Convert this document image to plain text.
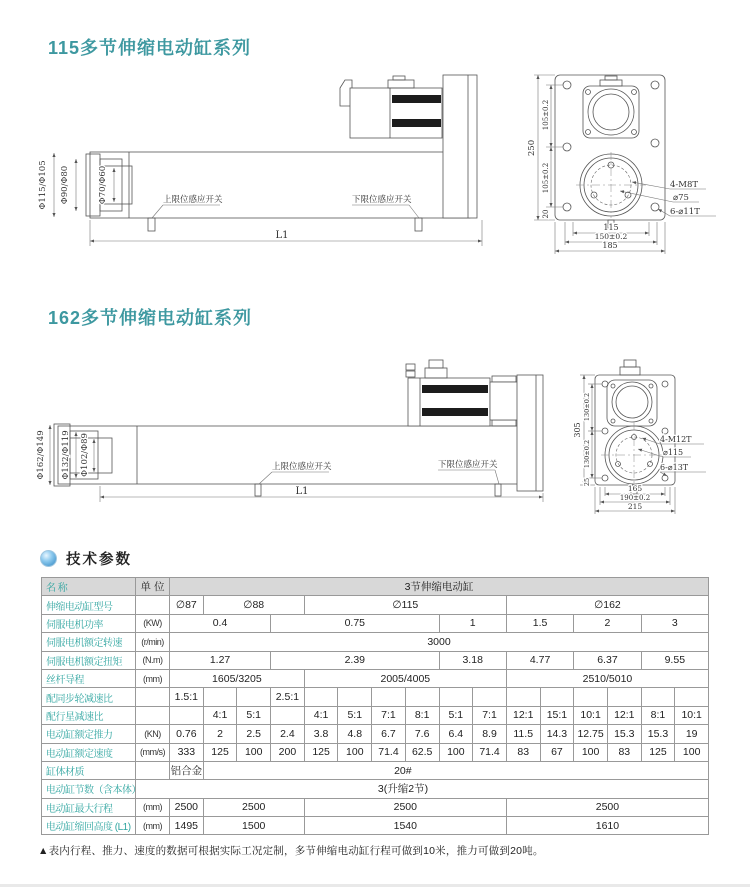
115多节伸缩电动缸系列
Φ115/Φ105 Φ90/Φ80	Φ70/Φ60	上限位感应开关	下限位感应开关
L1
250
105±0.2
105±0.2
20
115
150±0.2
185
4-M8T
⌀75
6-⌀11T
162多节伸缩电动缸系列
Φ162/Φ149 Φ132/Φ119 Φ102/Φ89	上限位感应开关	下限位感应开关
L1
305
130±0.2
130±0.2
25
165
190±0.2
215
4-M12T
⌀115
6-⌀13T
技术参数
名 称	单 位	3节伸缩电动缸															
伸缩电动缸型号		∅87	∅88			∅115						∅162					
伺服电机功率	(KW)	0.4			0.75					1		1.5		2		3	
伺服电机额定转速	(r/min)	3000															
伺服电机额定扭矩	(N.m)	1.27			2.39					3.18		4.77		6.37		9.55	
丝杆导程	(mm)	1605/3205				2005/4005						2510/5010					
配同步轮减速比		1.5:1			2.5:1												
配行星减速比			4:1	5:1		4:1	5:1	7:1	8:1	5:1	7:1	12:1	15:1	10:1	12:1	8:1	10:1
电动缸额定推力	(KN)	0.76	2	2.5	2.4	3.8	4.8	6.7	7.6	6.4	8.9	11.5	14.3	12.75	15.3	15.3	19
电动缸额定速度	(mm/s)	333	125	100	200	125	100	71.4	62.5	100	71.4	83	67	100	83	125	100
缸体材质		铝合金	20#														
电动缸节数（含本体）	3(升缩2节)																
电动缸最大行程	(mm)	2500	2500			2500						2500					
电动缸缩回高度 (L1)	(mm)	1495	1500			1540						1610					
▲表内行程、推力、速度的数据可根据实际工况定制，多节伸缩电动缸行程可做到10米，推力可做到20吨。
